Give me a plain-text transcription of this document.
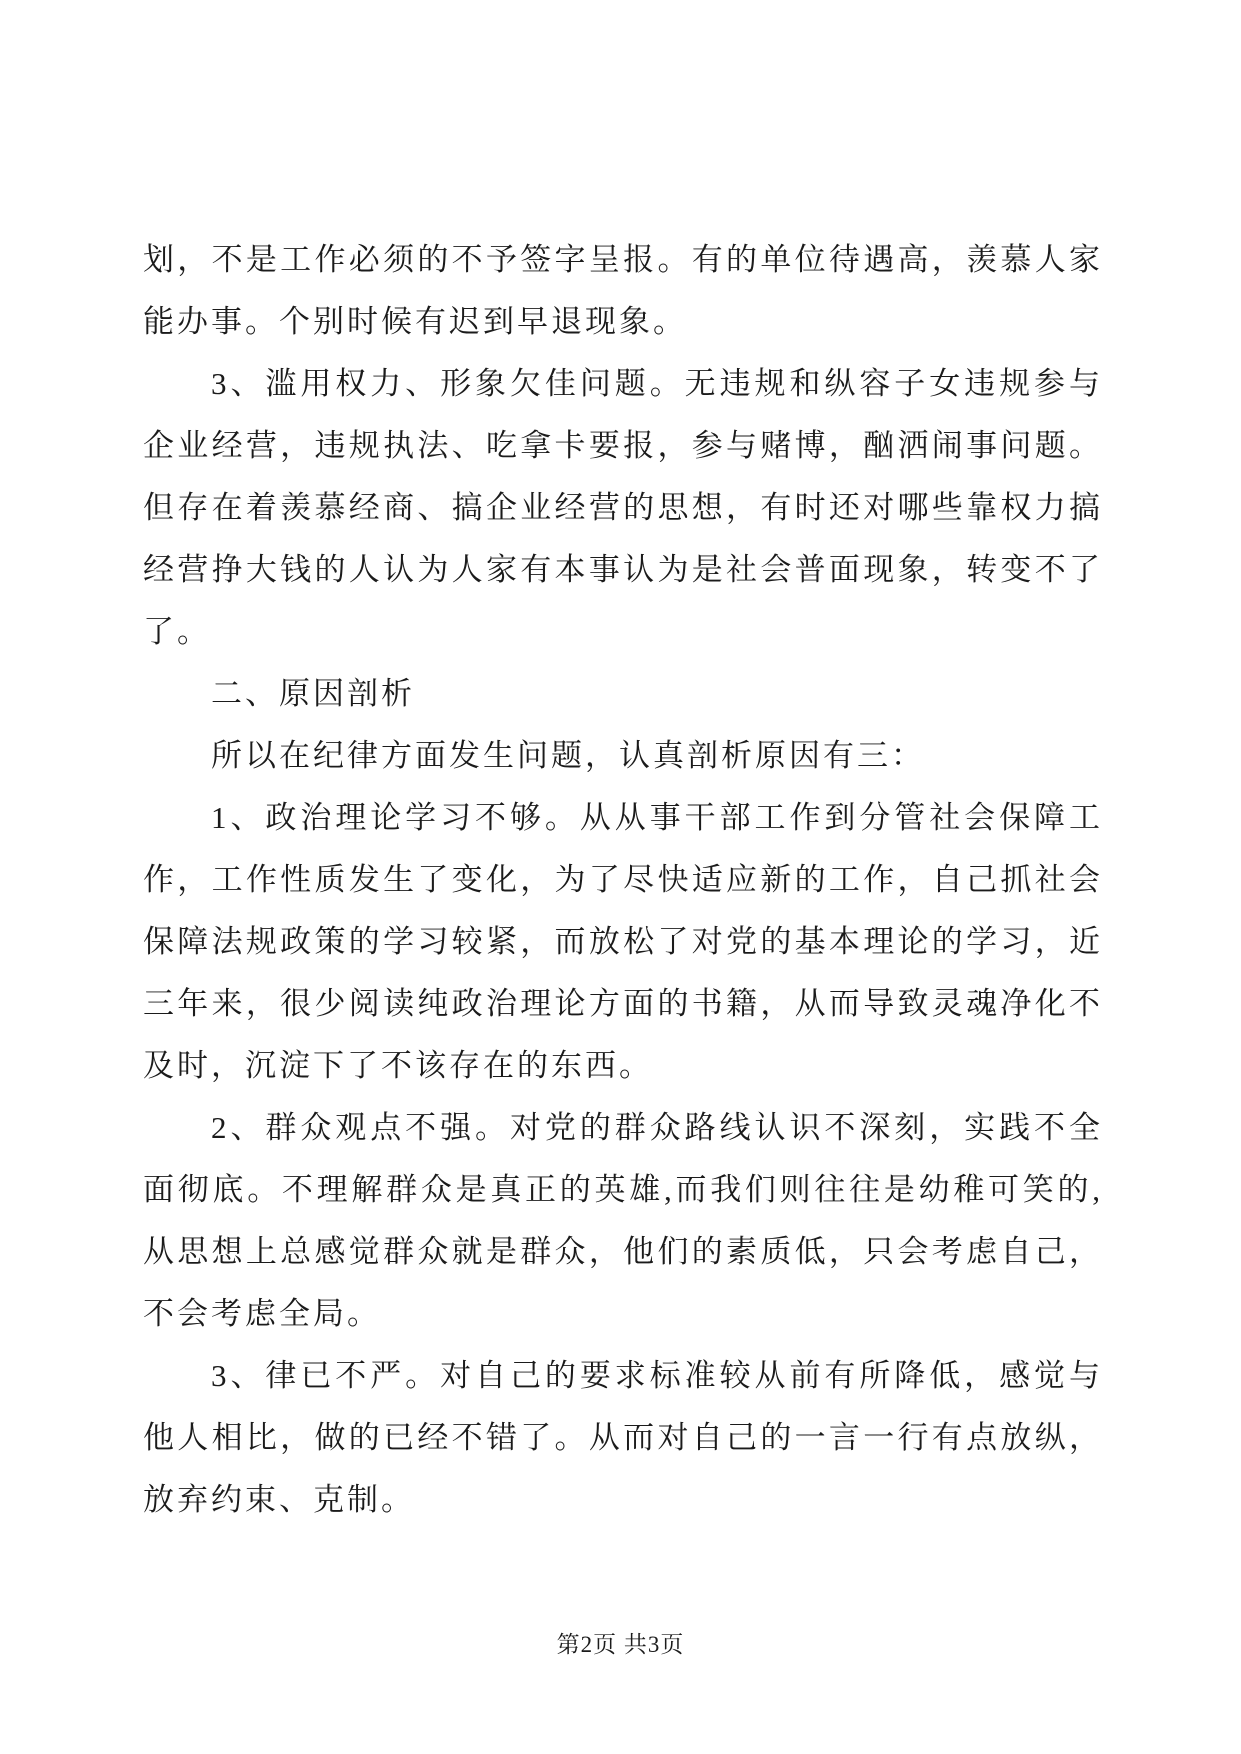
划，不是工作必须的不予签字呈报。有的单位待遇高，羡慕人家能办事。个别时候有迟到早退现象。

3、滥用权力、形象欠佳问题。无违规和纵容子女违规参与企业经营，违规执法、吃拿卡要报，参与赌博，酗洒闹事问题。但存在着羡慕经商、搞企业经营的思想，有时还对哪些靠权力搞经营挣大钱的人认为人家有本事认为是社会普面现象，转变不了了。

二、原因剖析

所以在纪律方面发生问题，认真剖析原因有三：

1、政治理论学习不够。从从事干部工作到分管社会保障工作，工作性质发生了变化，为了尽快适应新的工作，自己抓社会保障法规政策的学习较紧，而放松了对党的基本理论的学习，近三年来，很少阅读纯政治理论方面的书籍，从而导致灵魂净化不及时，沉淀下了不该存在的东西。

2、群众观点不强。对党的群众路线认识不深刻，实践不全面彻底。不理解群众是真正的英雄,而我们则往往是幼稚可笑的,从思想上总感觉群众就是群众，他们的素质低，只会考虑自己，不会考虑全局。

3、律已不严。对自己的要求标准较从前有所降低，感觉与他人相比，做的已经不错了。从而对自己的一言一行有点放纵，放弃约束、克制。

第2页 共3页
